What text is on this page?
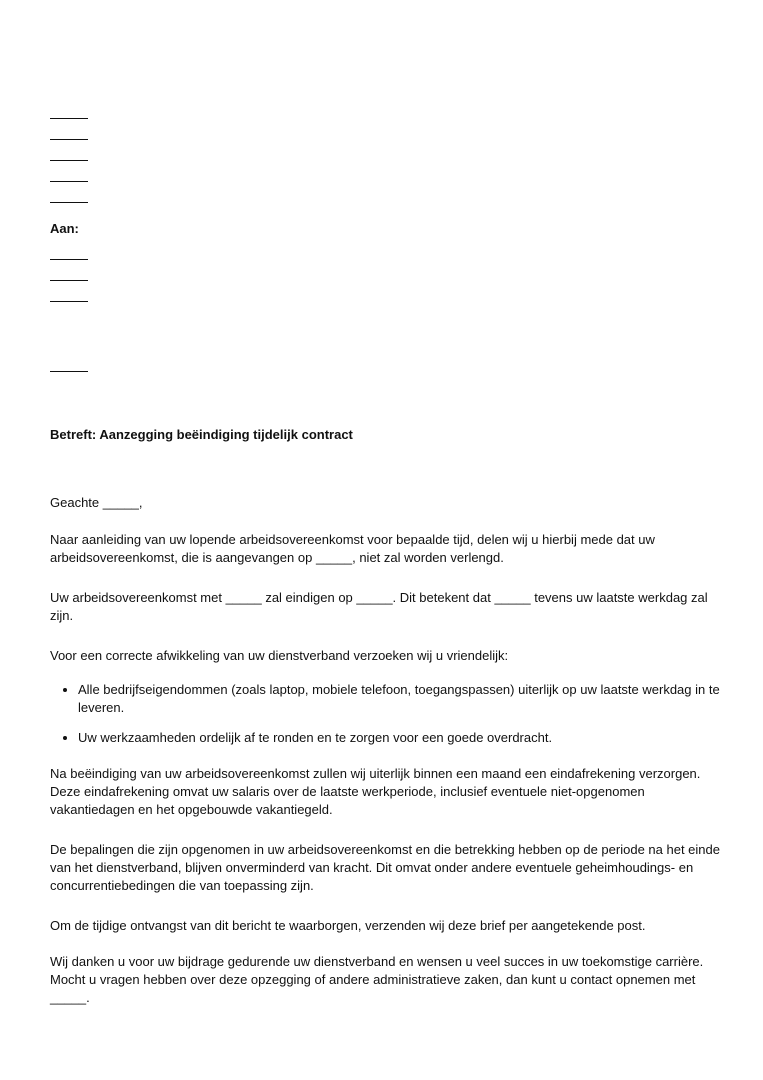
Aan:
Betreft: Aanzegging beëindiging tijdelijk contract

Geachte _____,

Naar aanleiding van uw lopende arbeidsovereenkomst voor bepaalde tijd, delen wij u hierbij mede dat uw arbeidsovereenkomst, die is aangevangen op _____, niet zal worden verlengd.

Uw arbeidsovereenkomst met _____ zal eindigen op _____. Dit betekent dat _____ tevens uw laatste werkdag zal zijn.

Voor een correcte afwikkeling van uw dienstverband verzoeken wij u vriendelijk:

• Alle bedrijfseigendommen (zoals laptop, mobiele telefoon, toegangspassen) uiterlijk op uw laatste werkdag in te leveren.
• Uw werkzaamheden ordelijk af te ronden en te zorgen voor een goede overdracht.

Na beëindiging van uw arbeidsovereenkomst zullen wij uiterlijk binnen een maand een eindafrekening verzorgen. Deze eindafrekening omvat uw salaris over de laatste werkperiode, inclusief eventuele niet-opgenomen vakantiedagen en het opgebouwde vakantiegeld.

De bepalingen die zijn opgenomen in uw arbeidsovereenkomst en die betrekking hebben op de periode na het einde van het dienstverband, blijven onverminderd van kracht. Dit omvat onder andere eventuele geheimhoudings- en concurrentiebedingen die van toepassing zijn.

Om de tijdige ontvangst van dit bericht te waarborgen, verzenden wij deze brief per aangetekende post.

Wij danken u voor uw bijdrage gedurende uw dienstverband en wensen u veel succes in uw toekomstige carrière. Mocht u vragen hebben over deze opzegging of andere administratieve zaken, dan kunt u contact opnemen met _____.
